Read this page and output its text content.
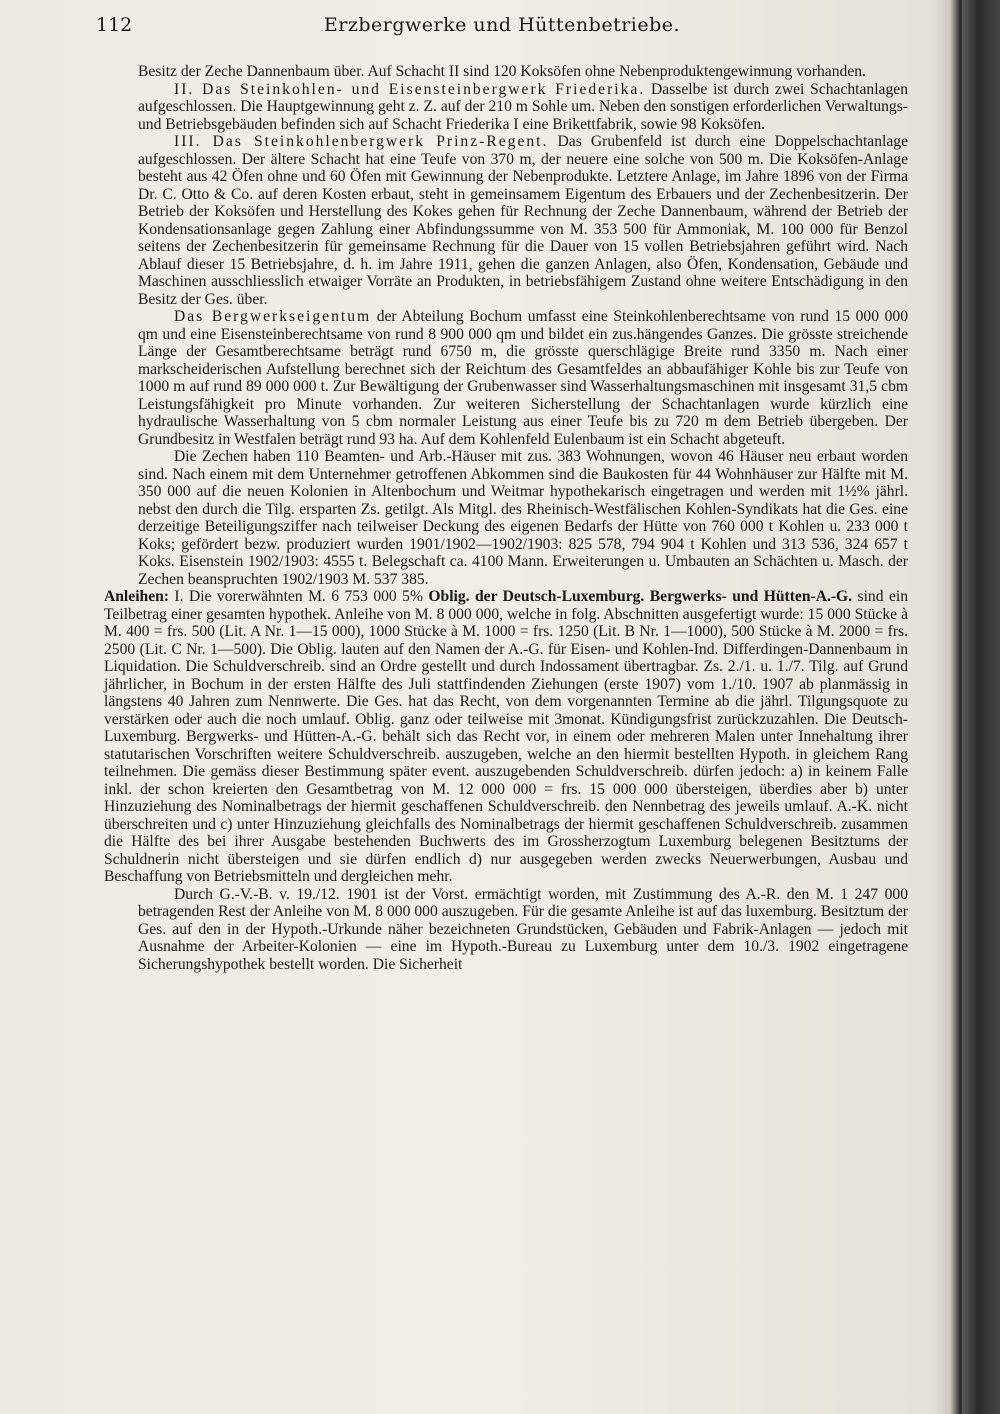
112	Erzbergwerke und Hüttenbetriebe.

Besitz der Zeche Dannenbaum über. Auf Schacht II sind 120 Koksöfen ohne Nebenproduktengewinnung vorhanden.

II. Das Steinkohlen- und Eisensteinbergwerk Friederika. Dasselbe ist durch zwei Schachtanlagen aufgeschlossen. Die Hauptgewinnung geht z. Z. auf der 210 m Sohle um. Neben den sonstigen erforderlichen Verwaltungs- und Betriebsgebäuden befinden sich auf Schacht Friederika I eine Brikettfabrik, sowie 98 Koksöfen.

III. Das Steinkohlenbergwerk Prinz-Regent. Das Grubenfeld ist durch eine Doppelschachtanlage aufgeschlossen. Der ältere Schacht hat eine Teufe von 370 m, der neuere eine solche von 500 m. Die Koksöfen-Anlage besteht aus 42 Öfen ohne und 60 Öfen mit Gewinnung der Nebenprodukte. Letztere Anlage, im Jahre 1896 von der Firma Dr. C. Otto & Co. auf deren Kosten erbaut, steht in gemeinsamem Eigentum des Erbauers und der Zechenbesitzerin. Der Betrieb der Koksöfen und Herstellung des Kokes gehen für Rechnung der Zeche Dannenbaum, während der Betrieb der Kondensationsanlage gegen Zahlung einer Abfindungssumme von M. 353 500 für Ammoniak, M. 100 000 für Benzol seitens der Zechenbesitzerin für gemeinsame Rechnung für die Dauer von 15 vollen Betriebsjahren geführt wird. Nach Ablauf dieser 15 Betriebsjahre, d. h. im Jahre 1911, gehen die ganzen Anlagen, also Öfen, Kondensation, Gebäude und Maschinen ausschliesslich etwaiger Vorräte an Produkten, in betriebsfähigem Zustand ohne weitere Entschädigung in den Besitz der Ges. über.

Das Bergwerkseigentum der Abteilung Bochum umfasst eine Steinkohlenberechtsame von rund 15 000 000 qm und eine Eisensteinberechtsame von rund 8 900 000 qm und bildet ein zus.hängendes Ganzes. Die grösste streichende Länge der Gesamtberechtsame beträgt rund 6750 m, die grösste querschlägige Breite rund 3350 m. Nach einer markscheiderischen Aufstellung berechnet sich der Reichtum des Gesamtfeldes an abbaufähiger Kohle bis zur Teufe von 1000 m auf rund 89 000 000 t. Zur Bewältigung der Grubenwasser sind Wasserhaltungsmaschinen mit insgesamt 31,5 cbm Leistungsfähigkeit pro Minute vorhanden. Zur weiteren Sicherstellung der Schachtanlagen wurde kürzlich eine hydraulische Wasserhaltung von 5 cbm normaler Leistung aus einer Teufe bis zu 720 m dem Betrieb übergeben. Der Grundbesitz in Westfalen beträgt rund 93 ha. Auf dem Kohlenfeld Eulenbaum ist ein Schacht abgeteuft.

Die Zechen haben 110 Beamten- und Arb.-Häuser mit zus. 383 Wohnungen, wovon 46 Häuser neu erbaut worden sind. Nach einem mit dem Unternehmer getroffenen Abkommen sind die Baukosten für 44 Wohnhäuser zur Hälfte mit M. 350 000 auf die neuen Kolonien in Altenbochum und Weitmar hypothekarisch eingetragen und werden mit 1½% jährl. nebst den durch die Tilg. ersparten Zs. getilgt. Als Mitgl. des Rheinisch-Westfälischen Kohlen-Syndikats hat die Ges. eine derzeitige Beteiligungsziffer nach teilweiser Deckung des eigenen Bedarfs der Hütte von 760 000 t Kohlen u. 233 000 t Koks; gefördert bezw. produziert wurden 1901/1902—1902/1903: 825 578, 794 904 t Kohlen und 313 536, 324 657 t Koks. Eisenstein 1902/1903: 4555 t. Belegschaft ca. 4100 Mann. Erweiterungen u. Umbauten an Schächten u. Masch. der Zechen beanspruchten 1902/1903 M. 537 385.

Anleihen: I. Die vorerwähnten M. 6 753 000 5% Oblig. der Deutsch-Luxemburg. Bergwerks- und Hütten-A.-G. sind ein Teilbetrag einer gesamten hypothek. Anleihe von M. 8 000 000, welche in folg. Abschnitten ausgefertigt wurde: 15 000 Stücke à M. 400 = frs. 500 (Lit. A Nr. 1—15 000), 1000 Stücke à M. 1000 = frs. 1250 (Lit. B Nr. 1—1000), 500 Stücke à M. 2000 = frs. 2500 (Lit. C Nr. 1—500). Die Oblig. lauten auf den Namen der A.-G. für Eisen- und Kohlen-Ind. Differdingen-Dannenbaum in Liquidation. Die Schuldverschreib. sind an Ordre gestellt und durch Indossament übertragbar. Zs. 2./1. u. 1./7. Tilg. auf Grund jährlicher, in Bochum in der ersten Hälfte des Juli stattfindenden Ziehungen (erste 1907) vom 1./10. 1907 ab planmässig in längstens 40 Jahren zum Nennwerte. Die Ges. hat das Recht, von dem vorgenannten Termine ab die jährl. Tilgungsquote zu verstärken oder auch die noch umlauf. Oblig. ganz oder teilweise mit 3monat. Kündigungsfrist zurückzuzahlen. Die Deutsch-Luxemburg. Bergwerks- und Hütten-A.-G. behält sich das Recht vor, in einem oder mehreren Malen unter Innehaltung ihrer statutarischen Vorschriften weitere Schuldverschreib. auszugeben, welche an den hiermit bestellten Hypoth. in gleichem Rang teilnehmen. Die gemäss dieser Bestimmung später event. auszugebenden Schuldverschreib. dürfen jedoch: a) in keinem Falle inkl. der schon kreierten den Gesamtbetrag von M. 12 000 000 = frs. 15 000 000 übersteigen, überdies aber b) unter Hinzuziehung des Nominalbetrags der hiermit geschaffenen Schuldverschreib. den Nennbetrag des jeweils umlauf. A.-K. nicht überschreiten und c) unter Hinzuziehung gleichfalls des Nominalbetrags der hiermit geschaffenen Schuldverschreib. zusammen die Hälfte des bei ihrer Ausgabe bestehenden Buchwerts des im Grossherzogtum Luxemburg belegenen Besitztums der Schuldnerin nicht übersteigen und sie dürfen endlich d) nur ausgegeben werden zwecks Neuerwerbungen, Ausbau und Beschaffung von Betriebsmitteln und dergleichen mehr.

Durch G.-V.-B. v. 19./12. 1901 ist der Vorst. ermächtigt worden, mit Zustimmung des A.-R. den M. 1 247 000 betragenden Rest der Anleihe von M. 8 000 000 auszugeben. Für die gesamte Anleihe ist auf das luxemburg. Besitztum der Ges. auf den in der Hypoth.-Urkunde näher bezeichneten Grundstücken, Gebäuden und Fabrik-Anlagen — jedoch mit Ausnahme der Arbeiter-Kolonien — eine im Hypoth.-Bureau zu Luxemburg unter dem 10./3. 1902 eingetragene Sicherungshypothek bestellt worden. Die Sicherheit
